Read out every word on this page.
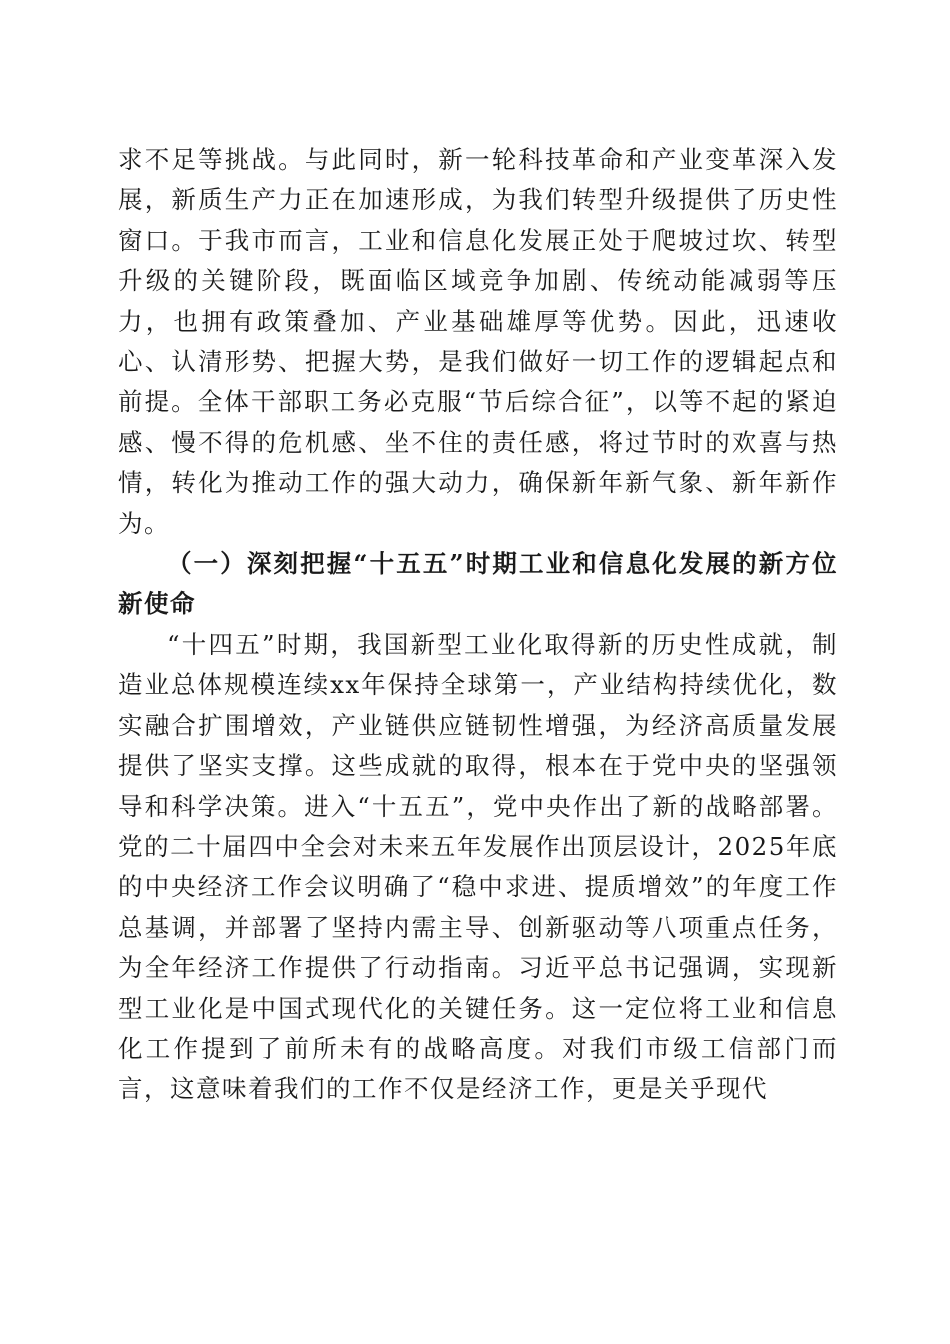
求不足等挑战。与此同时，新一轮科技革命和产业变革深入发展，新质生产力正在加速形成，为我们转型升级提供了历史性窗口。于我市而言，工业和信息化发展正处于爬坡过坎、转型升级的关键阶段，既面临区域竞争加剧、传统动能减弱等压力，也拥有政策叠加、产业基础雄厚等优势。因此，迅速收心、认清形势、把握大势，是我们做好一切工作的逻辑起点和前提。全体干部职工务必克服“节后综合征”，以等不起的紧迫感、慢不得的危机感、坐不住的责任感，将过节时的欢喜与热情，转化为推动工作的强大动力，确保新年新气象、新年新作为。

（一）深刻把握“十五五”时期工业和信息化发展的新方位新使命

“十四五”时期，我国新型工业化取得新的历史性成就，制造业总体规模连续xx年保持全球第一，产业结构持续优化，数实融合扩围增效，产业链供应链韧性增强，为经济高质量发展提供了坚实支撑。这些成就的取得，根本在于党中央的坚强领导和科学决策。进入“十五五”，党中央作出了新的战略部署。党的二十届四中全会对未来五年发展作出顶层设计，2025年底的中央经济工作会议明确了“稳中求进、提质增效”的年度工作总基调，并部署了坚持内需主导、创新驱动等八项重点任务，为全年经济工作提供了行动指南。习近平总书记强调，实现新型工业化是中国式现代化的关键任务。这一定位将工业和信息化工作提到了前所未有的战略高度。对我们市级工信部门而言，这意味着我们的工作不仅是经济工作，更是关乎现代
